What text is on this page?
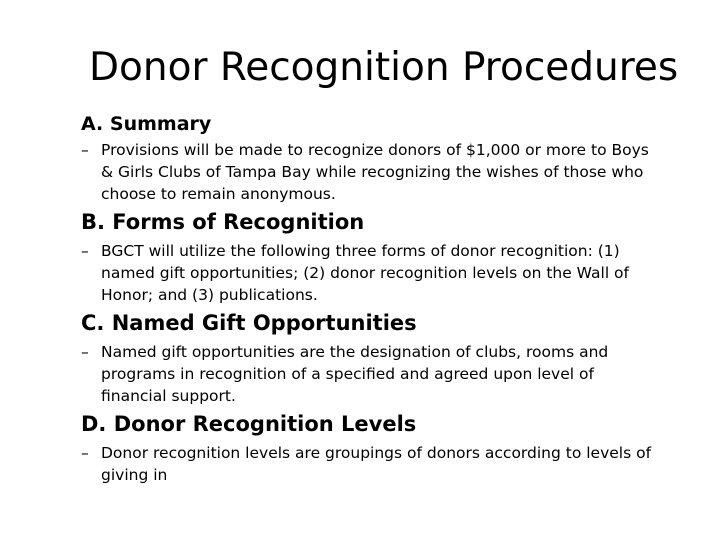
Donor Recognition Procedures
A. Summary
– Provisions will be made to recognize donors of $1,000 or more to Boys
& Girls Clubs of Tampa Bay while recognizing the wishes of those who
choose to remain anonymous.
B. Forms of Recognition
– BGCT will utilize the following three forms of donor recognition: (1)
named gift opportunities; (2) donor recognition levels on the Wall of
Honor; and (3) publications.
C. Named Gift Opportunities
– Named gift opportunities are the designation of clubs, rooms and
programs in recognition of a specified and agreed upon level of
financial support.
D. Donor Recognition Levels
– Donor recognition levels are groupings of donors according to levels of
giving in
